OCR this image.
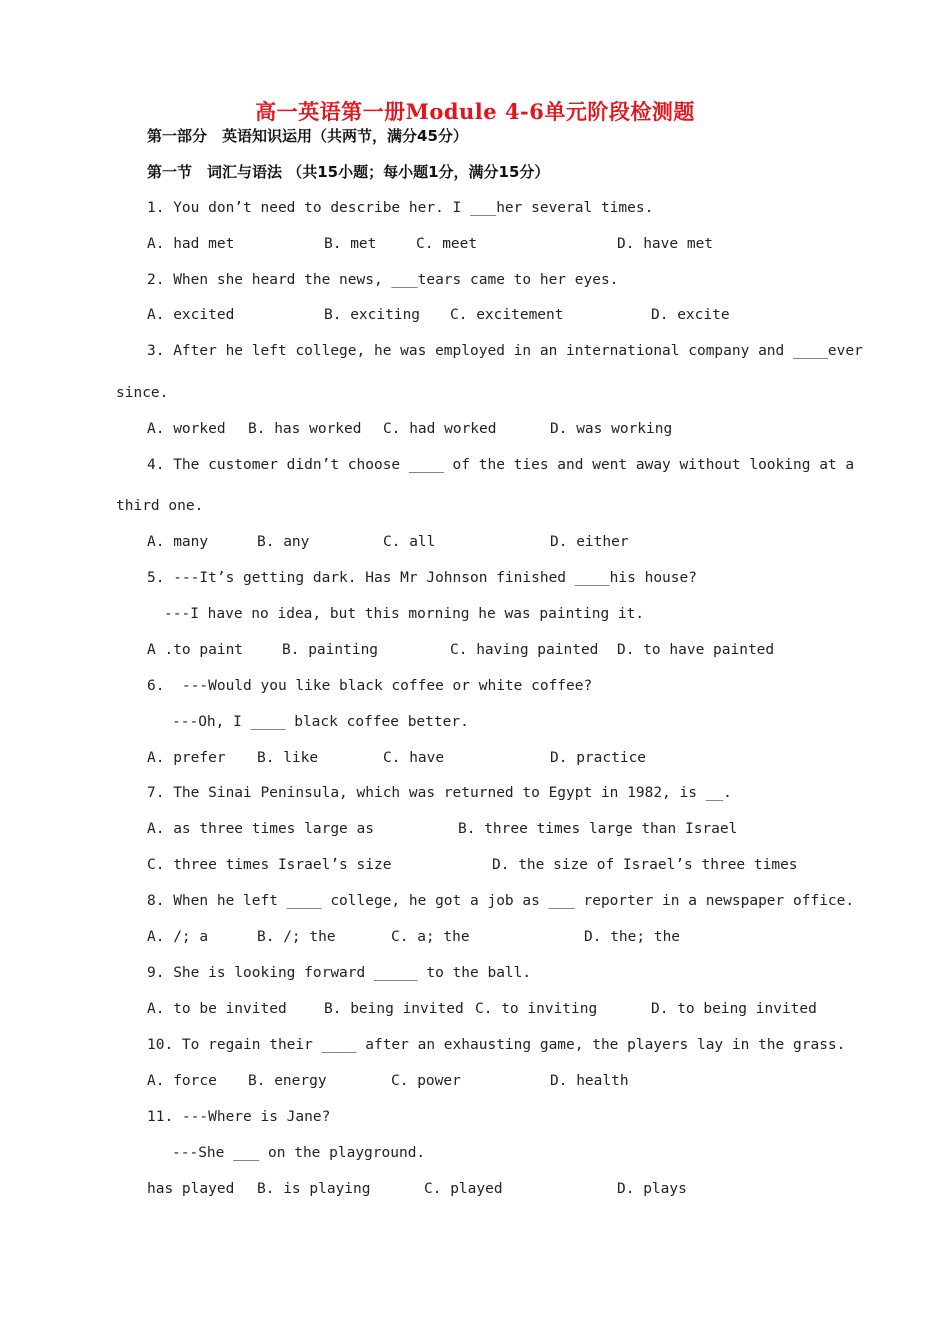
高一英语第一册Module 4-6单元阶段检测题
第一部分　英语知识运用（共两节，满分45分）
第一节　词汇与语法 （共15小题；每小题1分，满分15分）
1. You don’t need to describe her. I ___her several times.
A. had met	B. met	C. meet	D. have met
2. When she heard the news, ___tears came to her eyes.
A. excited	B. exciting C. excitement	D. excite
3. After he left college, he was employed in an international company and ____ever
since.
A. worked B. has worked C. had worked	D. was working
4. The customer didn’t choose ____ of the ties and went away without looking at a
third one.
A. many	B. any	C. all	D. either
5. ---It’s getting dark. Has Mr Johnson finished ____his house?
---I have no idea, but this morning he was painting it.
A .to paint	B. painting	C. having painted D. to have painted
6.  ---Would you like black coffee or white coffee?
---Oh, I ____ black coffee better.
A. prefer B. like	C. have	D. practice
7. The Sinai Peninsula, which was returned to Egypt in 1982, is __.
A. as three times large as	B. three times large than Israel
C. three times Israel’s size	D. the size of Israel’s three times
8. When he left ____ college, he got a job as ___ reporter in a newspaper office.
A. /; a	B. /; the	C. a; the	D. the; the
9. She is looking forward _____ to the ball.
A. to be invited	B. being invited C. to inviting	D. to being invited
10. To regain their ____ after an exhausting game, the players lay in the grass.
A. force B. energy	C. power	D. health
11. ---Where is Jane?
---She ___ on the playground.
has played B. is playing	C. played	D. plays
